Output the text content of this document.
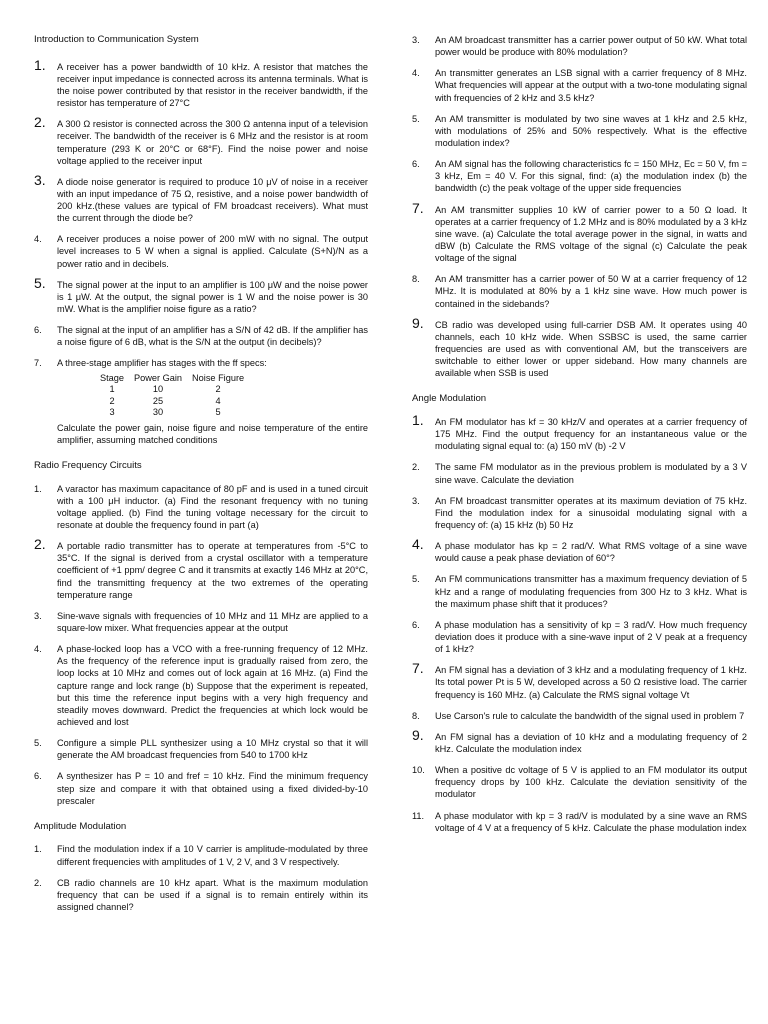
Introduction to Communication System
1.	A receiver has a power bandwidth of 10 kHz. A resistor that matches the receiver input impedance is connected across its antenna terminals. What is the noise power contributed by that resistor in the receiver bandwidth, if the resistor has temperature of 27°C
2.	A 300 Ω resistor is connected across the 300 Ω antenna input of a television receiver. The bandwidth of the receiver is 6 MHz and the resistor is at room temperature (293 K or 20°C or 68°F). Find the noise power and noise voltage applied to the receiver input
3.	A diode noise generator is required to produce 10 μV of noise in a receiver with an input impedance of 75 Ω, resistive, and a noise power bandwidth of 200 kHz.(these values are typical of FM broadcast receivers). What must the current through the diode be?
4.	A receiver produces a noise power of 200 mW with no signal. The output level increases to 5 W when a signal is applied. Calculate (S+N)/N as a power ratio and in decibels.
5.	The signal power at the input to an amplifier is 100 μW and the noise power is 1 μW. At the output, the signal power is 1 W and the noise power is 30 mW. What is the amplifier noise figure as a ratio?
6.	The signal at the input of an amplifier has a S/N of 42 dB. If the amplifier has a noise figure of 6 dB, what is the S/N at the output (in decibels)?
7.	A three-stage amplifier has stages with the ff specs:
Stage	Power Gain	Noise Figure
1	10	2
2	25	4
3	30	5
Calculate the power gain, noise figure and noise temperature of the entire amplifier, assuming matched conditions
Radio Frequency Circuits
1.	A varactor has maximum capacitance of 80 pF and is used in a tuned circuit with a 100 μH inductor. (a) Find the resonant frequency with no tuning voltage applied. (b) Find the tuning voltage necessary for the circuit to resonate at double the frequency found in part (a)
2.	A portable radio transmitter has to operate at temperatures from -5°C to 35°C. If the signal is derived from a crystal oscillator with a temperature coefficient of +1 ppm/ degree C and it transmits at exactly 146 MHz at 20°C, find the transmitting frequency at the two extremes of the operating temperature range
3.	Sine-wave signals with frequencies of 10 MHz and 11 MHz are applied to a square-low mixer. What frequencies appear at the output
4.	A phase-locked loop has a VCO with a free-running frequency of 12 MHz. As the frequency of the reference input is gradually raised from zero, the loop locks at 10 MHz and comes out of lock again at 16 MHz. (a) Find the capture range and lock range (b) Suppose that the experiment is repeated, but this time the reference input begins with a very high frequency and steadily moves downward. Predict the frequencies at which lock would be achieved and lost
5.	Configure a simple PLL synthesizer using a 10 MHz crystal so that it will generate the AM broadcast frequencies from 540 to 1700 kHz
6.	A synthesizer has P = 10 and fref = 10 kHz. Find the minimum frequency step size and compare it with that obtained using a fixed divided-by-10 prescaler
Amplitude Modulation
1.	Find the modulation index if a 10 V carrier is amplitude-modulated by three different frequencies with amplitudes of 1 V, 2 V, and 3 V respectively.
2.	CB radio channels are 10 kHz apart. What is the maximum modulation frequency that can be used if a signal is to remain entirely within its assigned channel?
3.	An AM broadcast transmitter has a carrier power output of 50 kW. What total power would be produce with 80% modulation?
4.	An transmitter generates an LSB signal with a carrier frequency of 8 MHz. What frequencies will appear at the output with a two-tone modulating signal with frequencies of 2 kHz and 3.5 kHz?
5.	An AM transmitter is modulated by two sine waves at 1 kHz and 2.5 kHz, with modulations of 25% and 50% respectively. What is the effective modulation index?
6.	An AM signal has the following characteristics fc = 150 MHz, Ec = 50 V, fm = 3 kHz, Em = 40 V. For this signal, find: (a) the modulation index (b) the bandwidth (c) the peak voltage of the upper side frequencies
7.	An AM transmitter supplies 10 kW of carrier power to a 50 Ω load. It operates at a carrier frequency of 1.2 MHz and is 80% modulated by a 3 kHz sine wave. (a) Calculate the total average power in the signal, in watts and dBW (b) Calculate the RMS voltage of the signal (c) Calculate the peak voltage of the signal
8.	An AM transmitter has a carrier power of 50 W at a carrier frequency of 12 MHz. It is modulated at 80% by a 1 kHz sine wave. How much power is contained in the sidebands?
9.	CB radio was developed using full-carrier DSB AM. It operates using 40 channels, each 10 kHz wide. When SSBSC is used, the same carrier frequencies are used as with conventional AM, but the transceivers are switchable to either lower or upper sideband. How many channels are available when SSB is used
Angle Modulation
1.	An FM modulator has kf = 30 kHz/V and operates at a carrier frequency of 175 MHz. Find the output frequency for an instantaneous value or the modulating signal equal to: (a) 150 mV (b) -2 V
2.	The same FM modulator as in the previous problem is modulated by a 3 V sine wave. Calculate the deviation
3.	An FM broadcast transmitter operates at its maximum deviation of 75 kHz. Find the modulation index for a sinusoidal modulating signal with a frequency of: (a) 15 kHz (b) 50 Hz
4.	A phase modulator has kp = 2 rad/V. What RMS voltage of a sine wave would cause a peak phase deviation of 60°?
5.	An FM communications transmitter has a maximum frequency deviation of 5 kHz and a range of modulating frequencies from 300 Hz to 3 kHz. What is the maximum phase shift that it produces?
6.	A phase modulation has a sensitivity of kp = 3 rad/V. How much frequency deviation does it produce with a sine-wave input of 2 V peak at a frequency of 1 kHz?
7.	An FM signal has a deviation of 3 kHz and a modulating frequency of 1 kHz. Its total power Pt is 5 W, developed across a 50 Ω resistive load. The carrier frequency is 160 MHz. (a) Calculate the RMS signal voltage Vt
8.	Use Carson's rule to calculate the bandwidth of the signal used in problem 7
9.	An FM signal has a deviation of 10 kHz and a modulating frequency of 2 kHz. Calculate the modulation index
10.	When a positive dc voltage of 5 V is applied to an FM modulator its output frequency drops by 100 kHz. Calculate the deviation sensitivity of the modulator
11.	A phase modulator with kp = 3 rad/V is modulated by a sine wave an RMS voltage of 4 V at a frequency of 5 kHz. Calculate the phase modulation index
